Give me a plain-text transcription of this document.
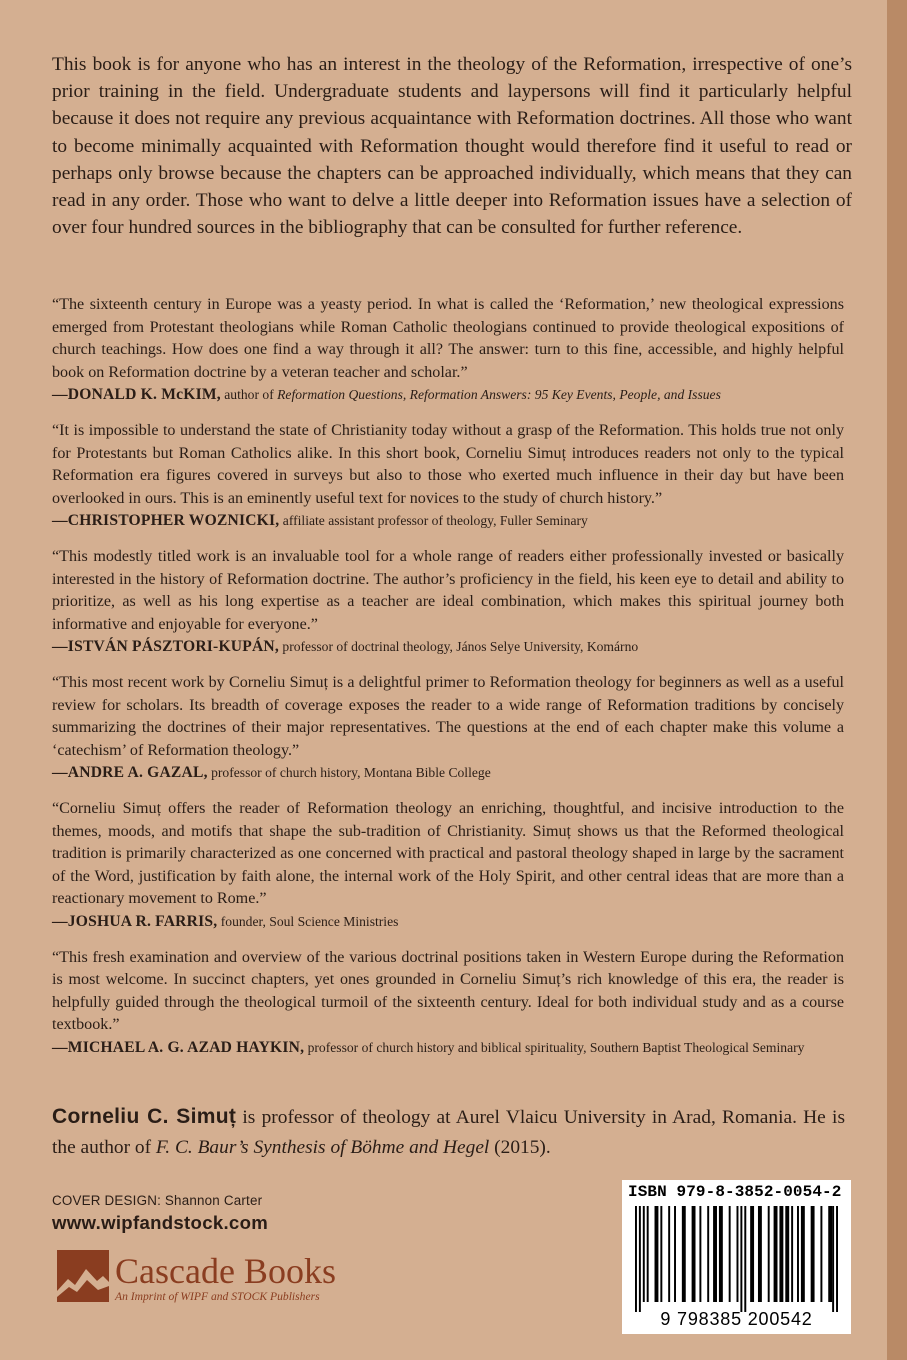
This book is for anyone who has an interest in the theology of the Reformation, irrespective of one’s prior training in the field. Undergraduate students and laypersons will find it particularly helpful because it does not require any previous acquaintance with Reformation doctrines. All those who want to become minimally acquainted with Reformation thought would therefore find it useful to read or perhaps only browse because the chapters can be approached individually, which means that they can read in any order. Those who want to delve a little deeper into Reformation issues have a selection of over four hundred sources in the bibliography that can be consulted for further reference.

“The sixteenth century in Europe was a yeasty period. In what is called the ‘Reformation,’ new theological expressions emerged from Protestant theologians while Roman Catholic theologians continued to provide theological expositions of church teachings. How does one find a way through it all? The answer: turn to this fine, accessible, and highly helpful book on Reformation doctrine by a veteran teacher and scholar.”

— DONALD K. McKIM, author of Reformation Questions, Reformation Answers: 95 Key Events, People, and Issues

“It is impossible to understand the state of Christianity today without a grasp of the Reformation. This holds true not only for Protestants but Roman Catholics alike. In this short book, Corneliu Simuț introduces readers not only to the typical Reformation era figures covered in surveys but also to those who exerted much influence in their day but have been overlooked in ours. This is an eminently useful text for novices to the study of church history.”

— CHRISTOPHER WOZNICKI, affiliate assistant professor of theology, Fuller Seminary

“This modestly titled work is an invaluable tool for a whole range of readers either professionally invested or basically interested in the history of Reformation doctrine. The author’s proficiency in the field, his keen eye to detail and ability to prioritize, as well as his long expertise as a teacher are ideal combination, which makes this spiritual journey both informative and enjoyable for everyone.”

— ISTVÁN PÁSZTORI-KUPÁN, professor of doctrinal theology, János Selye University, Komárno

“This most recent work by Corneliu Simuț is a delightful primer to Reformation theology for beginners as well as a useful review for scholars. Its breadth of coverage exposes the reader to a wide range of Reformation traditions by concisely summarizing the doctrines of their major representatives. The questions at the end of each chapter make this volume a ‘catechism’ of Reformation theology.”

— ANDRE A. GAZAL, professor of church history, Montana Bible College

“Corneliu Simuț offers the reader of Reformation theology an enriching, thoughtful, and incisive introduction to the themes, moods, and motifs that shape the sub-tradition of Christianity. Simuț shows us that the Reformed theological tradition is primarily characterized as one concerned with practical and pastoral theology shaped in large by the sacrament of the Word, justification by faith alone, the internal work of the Holy Spirit, and other central ideas that are more than a reactionary movement to Rome.”

— JOSHUA R. FARRIS, founder, Soul Science Ministries

“This fresh examination and overview of the various doctrinal positions taken in Western Europe during the Reformation is most welcome. In succinct chapters, yet ones grounded in Corneliu Simuț’s rich knowledge of this era, the reader is helpfully guided through the theological turmoil of the sixteenth century. Ideal for both individual study and as a course textbook.”

— MICHAEL A. G. AZAD HAYKIN, professor of church history and biblical spirituality, Southern Baptist Theological Seminary

Corneliu C. Simuț is professor of theology at Aurel Vlaicu University in Arad, Romania. He is the author of F. C. Baur’s Synthesis of Böhme and Hegel (2015).

COVER DESIGN: Shannon Carter
www.wipfandstock.com
Cascade Books
An Imprint of WIPF and STOCK Publishers
ISBN 979-8-3852-0054-2
9 798385 200542
